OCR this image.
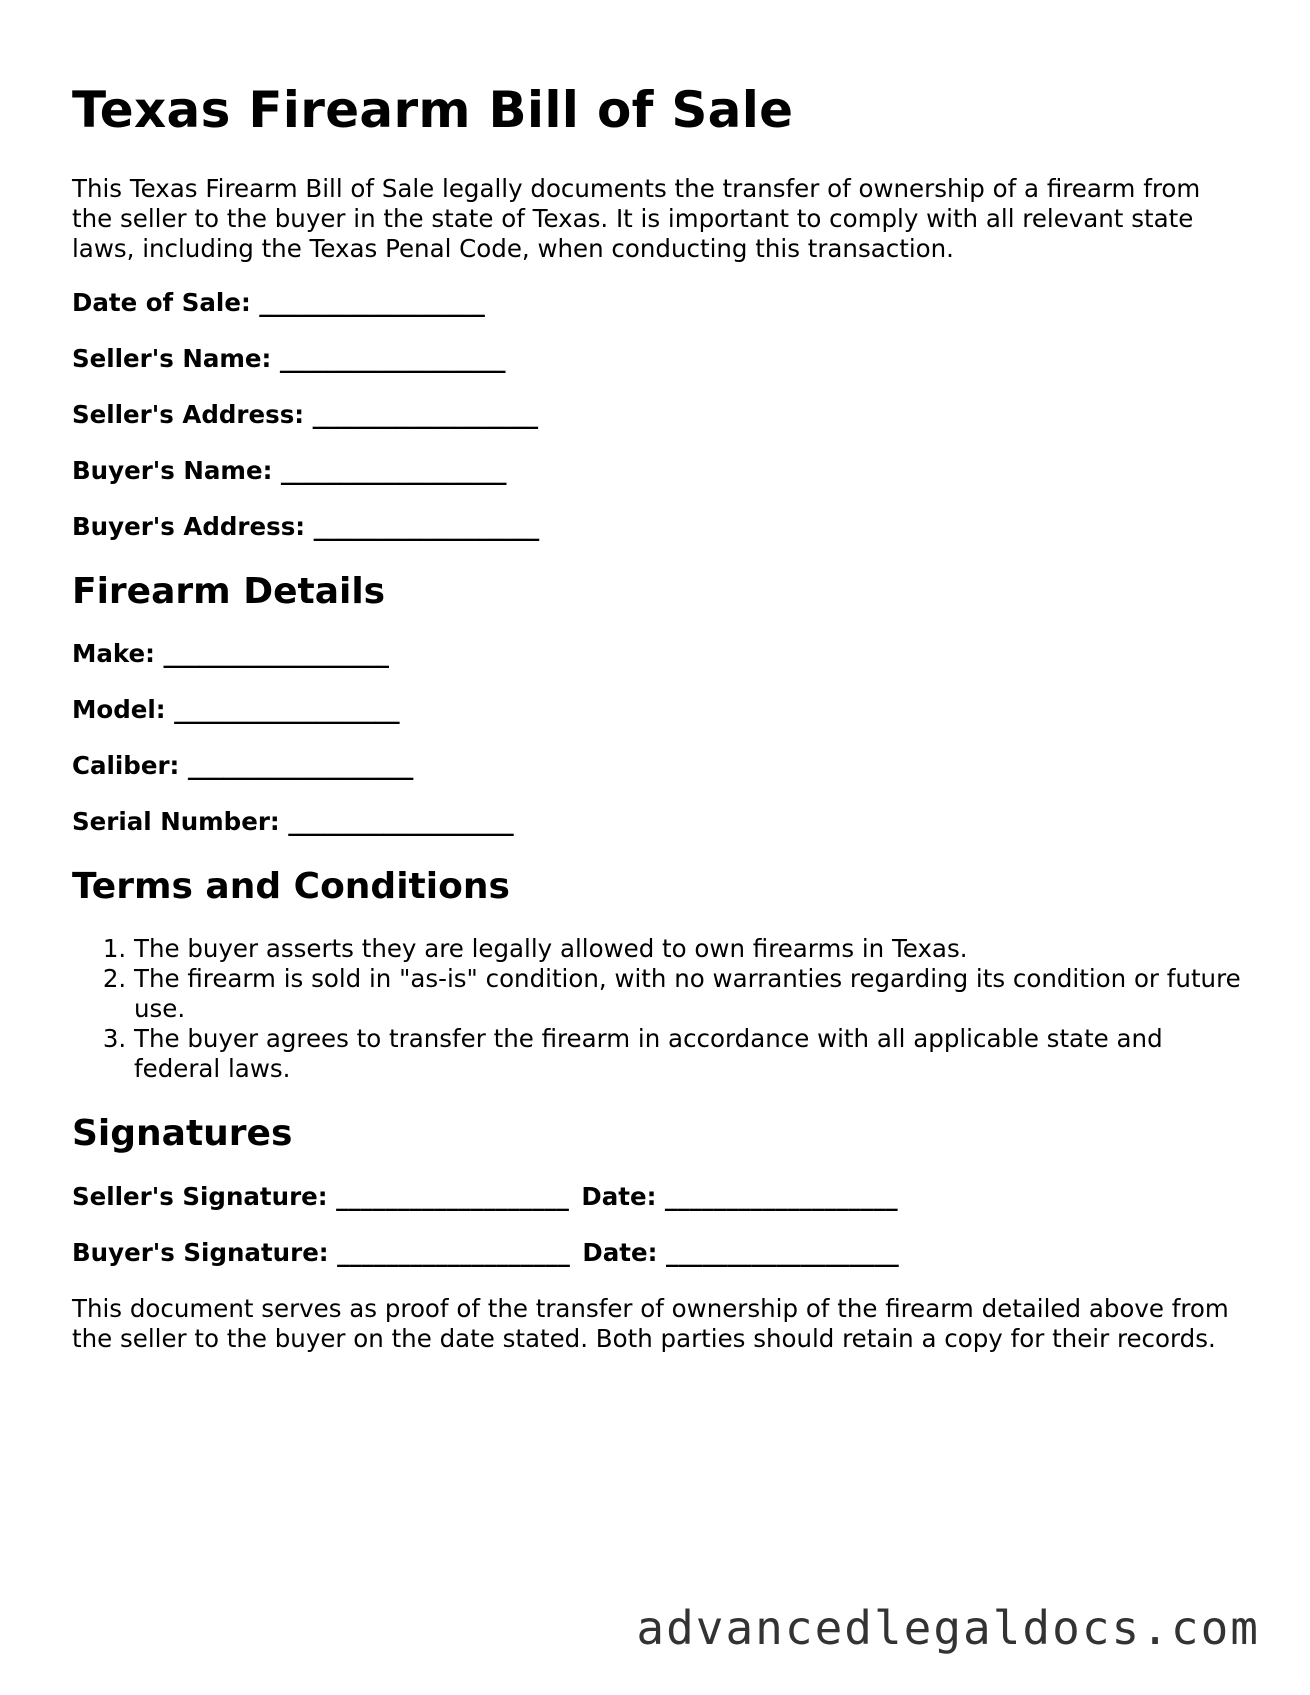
Texas Firearm Bill of Sale

This Texas Firearm Bill of Sale legally documents the transfer of ownership of a firearm from the seller to the buyer in the state of Texas. It is important to comply with all relevant state laws, including the Texas Penal Code, when conducting this transaction.

Date of Sale: ___________________
Seller's Name: ___________________
Seller's Address: ___________________
Buyer's Name: ___________________
Buyer's Address: ___________________
Firearm Details
Make: ___________________
Model: ___________________
Caliber: ___________________
Serial Number: ___________________
Terms and Conditions
1. The buyer asserts they are legally allowed to own firearms in Texas.
2. The firearm is sold in "as-is" condition, with no warranties regarding its condition or future use.
3. The buyer agrees to transfer the firearm in accordance with all applicable state and federal laws.
Signatures
Seller's Signature: ___________________ Date: ___________________
Buyer's Signature: ___________________ Date: ___________________

This document serves as proof of the transfer of ownership of the firearm detailed above from the seller to the buyer on the date stated. Both parties should retain a copy for their records.

advancedlegaldocs.com
